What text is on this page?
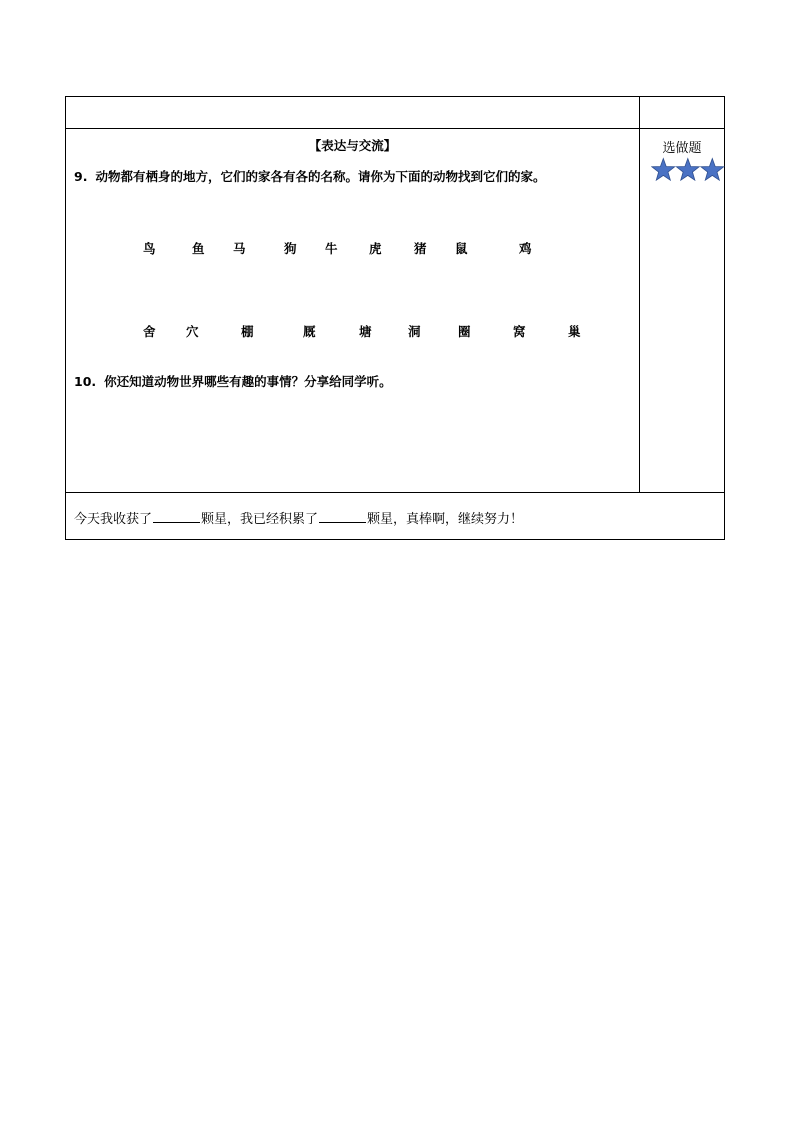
【表达与交流】
9. 动物都有栖身的地方，它们的家各有各的名称。请你为下面的动物找到它们的家。
鸟	鱼 马	狗 牛	虎	猪 鼠	鸡
舍 穴	棚	厩	塘	洞	圈	窝	巢
10. 你还知道动物世界哪些有趣的事情？分享给同学听。
选做题
今天我收获了	颗星，我已经积累了	颗星，真棒啊，继续努力！
